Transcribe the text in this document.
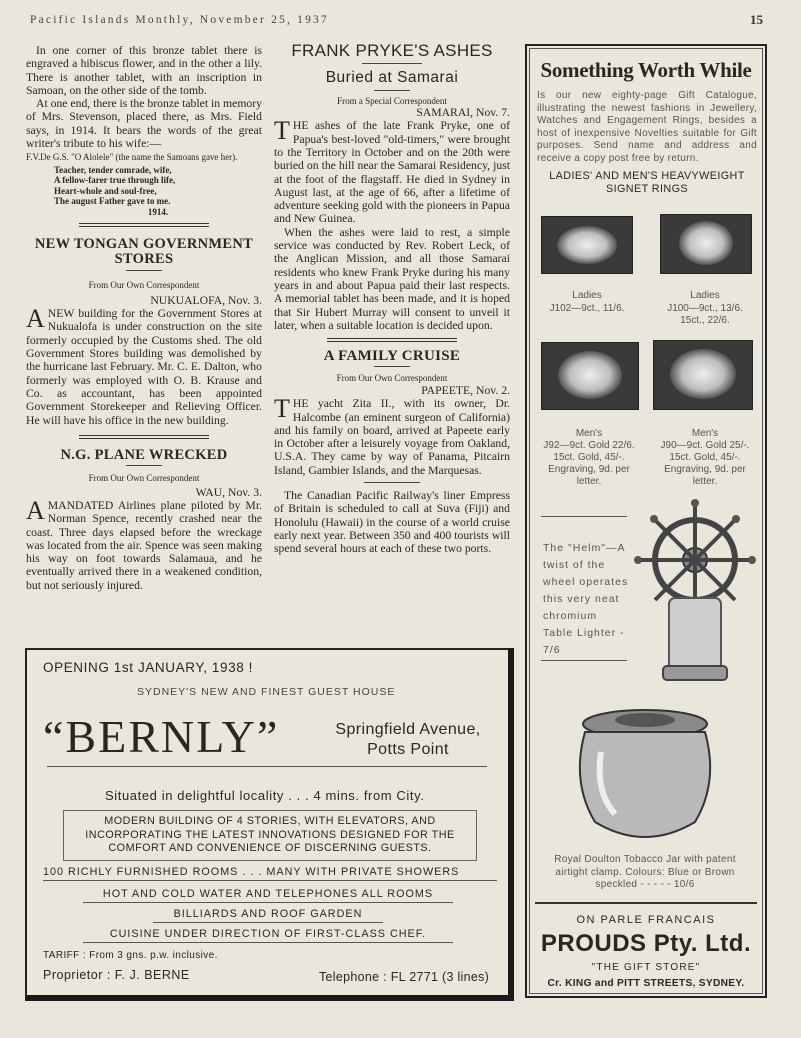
Pacific Islands Monthly, November 25, 1937	15

In one corner of this bronze tablet there is engraved a hibiscus flower, and in the other a lily. There is another tablet, with an inscription in Samoan, on the other side of the tomb.

At one end, there is the bronze tablet in memory of Mrs. Stevenson, placed there, as Mrs. Field says, in 1914. It bears the words of the great writer's tribute to his wife:—

F.V.De G.S. "O Alolele" (the name the Samoans gave her).
Teacher, tender comrade, wife,
A fellow-farer true through life,
Heart-whole and soul-free,
The august Father gave to me.
1914.
NEW TONGAN GOVERNMENT STORES
From Our Own Correspondent
NUKUALOFA, Nov. 3.
A NEW building for the Government Stores at Nukualofa is under construction on the site formerly occupied by the Customs shed. The old Government Stores building was demolished by the hurricane last February. Mr. C. E. Dalton, who formerly was employed with O. B. Krause and Co. as accountant, has been appointed Government Storekeeper and Relieving Officer. He will have his office in the new building.
N.G. PLANE WRECKED
From Our Own Correspondent
WAU, Nov. 3.
A MANDATED Airlines plane piloted by Mr. Norman Spence, recently crashed near the coast. Three days elapsed before the wreckage was located from the air. Spence was seen making his way on foot towards Salamaua, and he eventually arrived there in a weakened condition, but not seriously injured.
FRANK PRYKE'S ASHES
Buried at Samarai
From a Special Correspondent
SAMARAI, Nov. 7.
T HE ashes of the late Frank Pryke, one of Papua's best-loved "old-timers," were brought to the Territory in October and on the 20th were buried on the hill near the Samarai Residency, just at the foot of the flagstaff. He died in Sydney in August last, at the age of 66, after a lifetime of adventure seeking gold with the pioneers in Papua and New Guinea.

When the ashes were laid to rest, a simple service was conducted by Rev. Robert Leck, of the Anglican Mission, and all those Samarai residents who knew Frank Pryke during his many years in and about Papua paid their last respects. A memorial tablet has been made, and it is hoped that Sir Hubert Murray will consent to unveil it later, when a suitable location is decided upon.

A FAMILY CRUISE
From Our Own Correspondent
PAPEETE, Nov. 2.
T HE yacht Zita II., with its owner, Dr. Halcombe (an eminent surgeon of California) and his family on board, arrived at Papeete early in October after a leisurely voyage from Oakland, U.S.A. They came by way of Panama, Pitcairn Island, Gambier Islands, and the Marquesas.

The Canadian Pacific Railway's liner Empress of Britain is scheduled to call at Suva (Fiji) and Honolulu (Hawaii) in the course of a world cruise early next year. Between 350 and 400 tourists will spend several hours at each of these two ports.

OPENING 1st JANUARY, 1938 !
SYDNEY'S NEW AND FINEST GUEST HOUSE
“BERNLY”	Springfield Avenue,
Potts Point
Situated in delightful locality . . . 4 mins. from City.
MODERN BUILDING OF 4 STORIES, WITH ELEVATORS, AND
INCORPORATING THE LATEST INNOVATIONS DESIGNED FOR THE
COMFORT AND CONVENIENCE OF DISCERNING GUESTS.
100 RICHLY FURNISHED ROOMS . . . MANY WITH PRIVATE SHOWERS
HOT AND COLD WATER AND TELEPHONES ALL ROOMS
BILLIARDS AND ROOF GARDEN
CUISINE UNDER DIRECTION OF FIRST-CLASS CHEF.
TARIFF : From 3 gns. p.w. inclusive.
Proprietor : F. J. BERNE	Telephone : FL 2771 (3 lines)
Something Worth While
Is our new eighty-page Gift Catalogue, illustrating the newest fashions in Jewellery, Watches and Engagement Rings, besides a host of inexpensive Novelties suitable for Gift purposes. Send name and address and receive a copy post free by return.
LADIES' AND MEN'S HEAVYWEIGHT SIGNET RINGS
Ladies
J102—9ct., 11/6.
Ladies
J100—9ct., 13/6.
15ct., 22/6.
Men's
J92—9ct. Gold 22/6.
15ct. Gold, 45/-.
Engraving, 9d. per letter.
Men's
J90—9ct. Gold 25/-.
15ct. Gold, 45/-.
Engraving, 9d. per letter.
The "Helm"—A twist of the wheel operates this very neat chromium Table Lighter - 7/6
Royal Doulton Tobacco Jar with patent airtight clamp. Colours: Blue or Brown speckled - - - - - 10/6
ON PARLE FRANCAIS
PROUDS Pty. Ltd.
"THE GIFT STORE"
Cr. KING and PITT STREETS, SYDNEY.
